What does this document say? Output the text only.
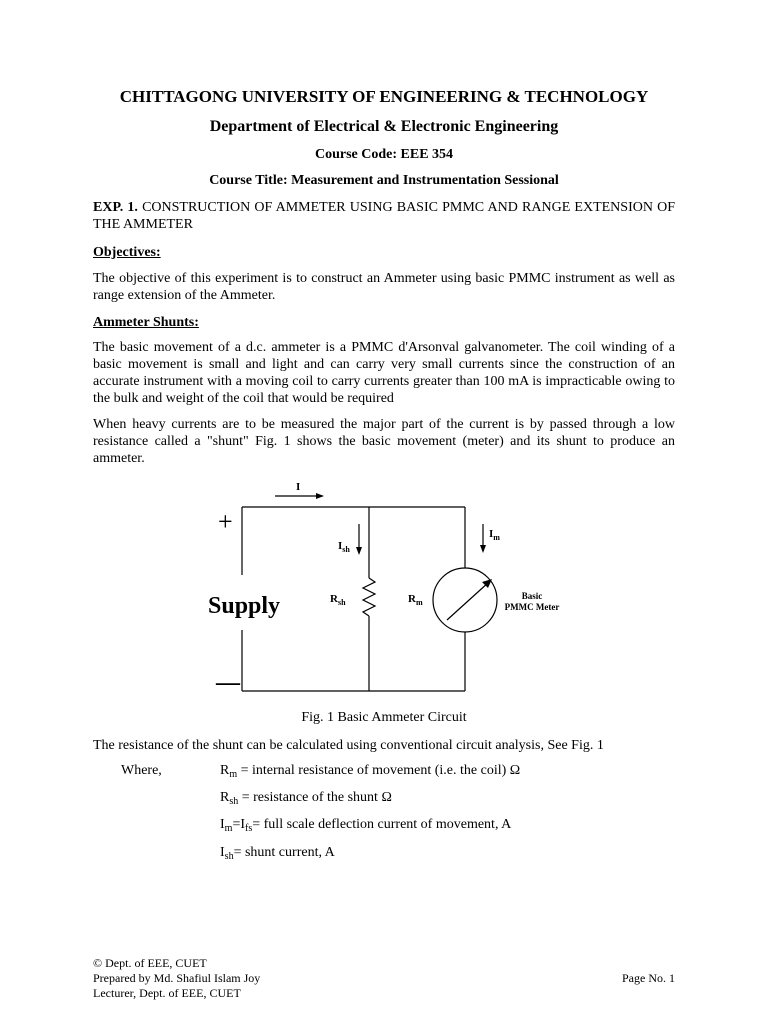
CHITTAGONG UNIVERSITY OF ENGINEERING & TECHNOLOGY
Department of Electrical & Electronic Engineering
Course Code: EEE 354
Course Title: Measurement and Instrumentation Sessional
EXP. 1. CONSTRUCTION OF AMMETER USING BASIC PMMC AND RANGE EXTENSION OF THE AMMETER
Objectives:
The objective of this experiment is to construct an Ammeter using basic PMMC instrument as well as range extension of the Ammeter.
Ammeter Shunts:
The basic movement of a d.c. ammeter is a PMMC d'Arsonval galvanometer. The coil winding of a basic movement is small and light and can carry very small currents since the construction of an accurate instrument with a moving coil to carry currents greater than 100 mA is impracticable owing to the bulk and weight of the coil that would be required
When heavy currents are to be measured the major part of the current is by passed through a low resistance called a "shunt" Fig. 1 shows the basic movement (meter) and its shunt to produce an ammeter.
I
+
—
Supply
$I_{sh}$
$R_{sh}$	$R_m$
$I_m$
Basic
PMMC Meter
Fig. 1 Basic Ammeter Circuit
The resistance of the shunt can be calculated using conventional circuit analysis, See Fig. 1
Where,	$R_m$ = internal resistance of movement (i.e. the coil) Ω
$R_{sh}$ = resistance of the shunt Ω
$I_m=I_{fs}=$ full scale deflection current of movement, A
$I_{sh}=$ shunt current, A
© Dept. of EEE, CUET
Prepared by Md. Shafiul Islam Joy
Lecturer, Dept. of EEE, CUET
Page No. 1
